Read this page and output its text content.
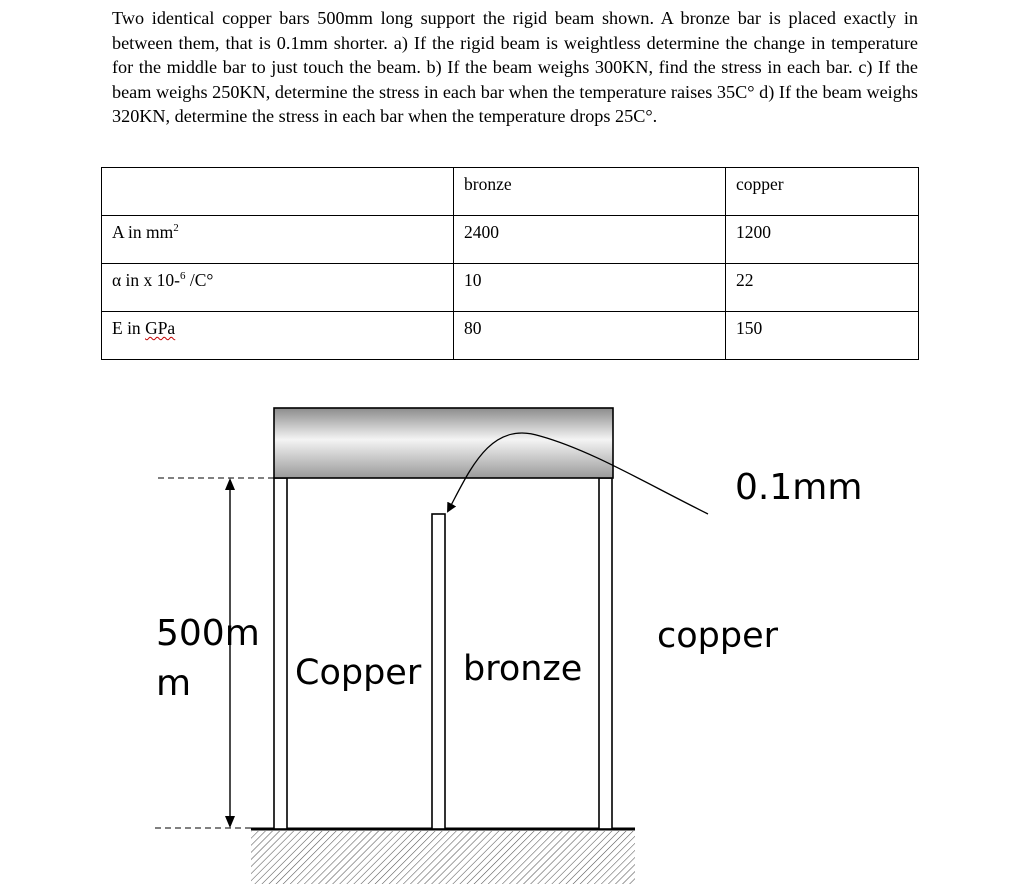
Two identical copper bars 500mm long support the rigid beam shown. A bronze bar is placed exactly in between them, that is 0.1mm shorter. a) If the rigid beam is weightless determine the change in temperature for the middle bar to just touch the beam. b) If the beam weighs 300KN, find the stress in each bar. c) If the beam weighs 250KN, determine the stress in each bar when the temperature raises 35C° d) If the beam weighs 320KN, determine the stress in each bar when the temperature drops 25C°.

	bronze	copper
A in $mm^2$	2400	1200
α in x 10-$^6$ /C°	10	22
E in GPa	80	150
0.1mm
500m
m	Copper bronze
copper
